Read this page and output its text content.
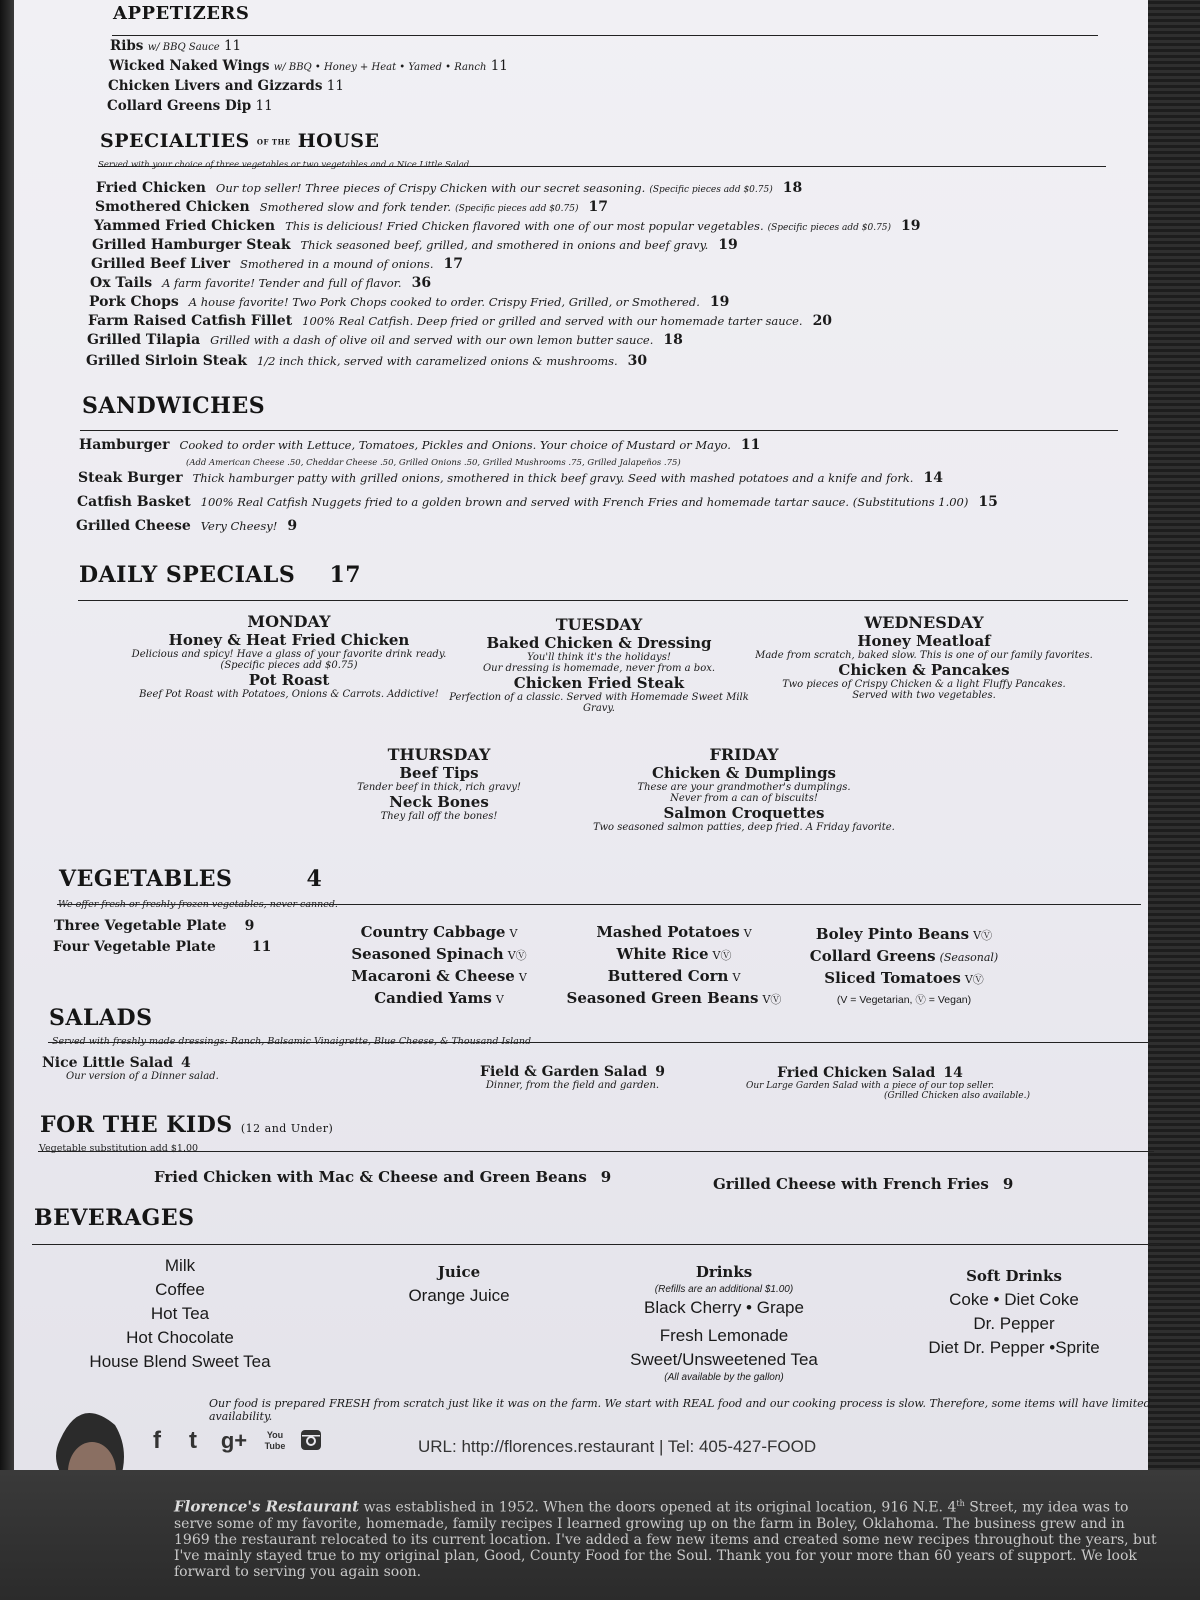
APPETIZERS
Ribs w/ BBQ Sauce 11
Wicked Naked Wings w/ BBQ • Honey + Heat • Yamed • Ranch 11
Chicken Livers and Gizzards 11
Collard Greens Dip 11
SPECIALTIES OF THE HOUSE
Served with your choice of three vegetables or two vegetables and a Nice Little Salad.
Fried Chicken Our top seller! Three pieces of Crispy Chicken with our secret seasoning. (Specific pieces add $0.75) 18
Smothered Chicken Smothered slow and fork tender. (Specific pieces add $0.75) 17
Yammed Fried Chicken This is delicious! Fried Chicken flavored with one of our most popular vegetables. (Specific pieces add $0.75) 19
Grilled Hamburger Steak Thick seasoned beef, grilled, and smothered in onions and beef gravy. 19
Grilled Beef Liver Smothered in a mound of onions. 17
Ox Tails A farm favorite! Tender and full of flavor. 36
Pork Chops A house favorite! Two Pork Chops cooked to order. Crispy Fried, Grilled, or Smothered. 19
Farm Raised Catfish Fillet 100% Real Catfish. Deep fried or grilled and served with our homemade tarter sauce. 20
Grilled Tilapia Grilled with a dash of olive oil and served with our own lemon butter sauce. 18
Grilled Sirloin Steak 1/2 inch thick, served with caramelized onions & mushrooms. 30
SANDWICHES
Hamburger Cooked to order with Lettuce, Tomatoes, Pickles and Onions. Your choice of Mustard or Mayo. 11
(Add American Cheese .50, Cheddar Cheese .50, Grilled Onions .50, Grilled Mushrooms .75, Grilled Jalapeños .75)
Steak Burger Thick hamburger patty with grilled onions, smothered in thick beef gravy. Seed with mashed potatoes and a knife and fork. 14
Catfish Basket 100% Real Catfish Nuggets fried to a golden brown and served with French Fries and homemade tartar sauce. (Substitutions 1.00) 15
Grilled Cheese Very Cheesy! 9
DAILY SPECIALS 17
MONDAY
Honey & Heat Fried Chicken
Delicious and spicy! Have a glass of your favorite drink ready.
(Specific pieces add $0.75)
Pot Roast
Beef Pot Roast with Potatoes, Onions & Carrots. Addictive!
TUESDAY
Baked Chicken & Dressing
You'll think it's the holidays!
Our dressing is homemade, never from a box.
Chicken Fried Steak
Perfection of a classic. Served with Homemade Sweet Milk Gravy.
WEDNESDAY
Honey Meatloaf
Made from scratch, baked slow. This is one of our family favorites.
Chicken & Pancakes
Two pieces of Crispy Chicken & a light Fluffy Pancakes.
Served with two vegetables.
THURSDAY
Beef Tips
Tender beef in thick, rich gravy!
Neck Bones
They fall off the bones!
FRIDAY
Chicken & Dumplings
These are your grandmother's dumplings.
Never from a can of biscuits!
Salmon Croquettes
Two seasoned salmon patties, deep fried. A Friday favorite.
VEGETABLES	4
We offer fresh or freshly frozen vegetables, never canned.
Three Vegetable Plate 9
Four Vegetable Plate	11
Country Cabbage V
Seasoned Spinach VⓋ
Macaroni & Cheese V
Candied Yams V
Mashed Potatoes V
White Rice VⓋ
Buttered Corn V
Seasoned Green Beans VⓋ
Boley Pinto Beans VⓋ
Collard Greens (Seasonal)
Sliced Tomatoes VⓋ
(V = Vegetarian, Ⓥ = Vegan)
SALADS
Served with freshly made dressings: Ranch, Balsamic Vinaigrette, Blue Cheese, & Thousand Island
Nice Little Salad 4
Our version of a Dinner salad.	Field & Garden Salad 9
Dinner, from the field and garden.
Fried Chicken Salad 14
Our Large Garden Salad with a piece of our top seller.
(Grilled Chicken also available.)
FOR THE KIDS (12 and Under)
Vegetable substitution add $1.00
Fried Chicken with Mac & Cheese and Green Beans 9	Grilled Cheese with French Fries 9
BEVERAGES
Milk
Coffee
Hot Tea
Hot Chocolate
House Blend Sweet Tea
Juice
Orange Juice
Drinks
(Refills are an additional $1.00)
Black Cherry • Grape
Fresh Lemonade
Sweet/Unsweetened Tea
(All available by the gallon)
Soft Drinks
Coke • Diet Coke
Dr. Pepper
Diet Dr. Pepper •Sprite
Our food is prepared FRESH from scratch just like it was on the farm. We start with REAL food and our cooking process is slow. Therefore, some items will have limited availability.
f	t	g+	You Tube	URL: http://florences.restaurant | Tel: 405-427-FOOD
Florence's Restaurant was established in 1952. When the doors opened at its original location, 916 N.E. 4th Street, my idea was to serve some of my favorite, homemade, family recipes I learned growing up on the farm in Boley, Oklahoma. The business grew and in 1969 the restaurant relocated to its current location. I've added a few new items and created some new recipes throughout the years, but I've mainly stayed true to my original plan, Good, County Food for the Soul. Thank you for your more than 60 years of support. We look forward to serving you again soon.
